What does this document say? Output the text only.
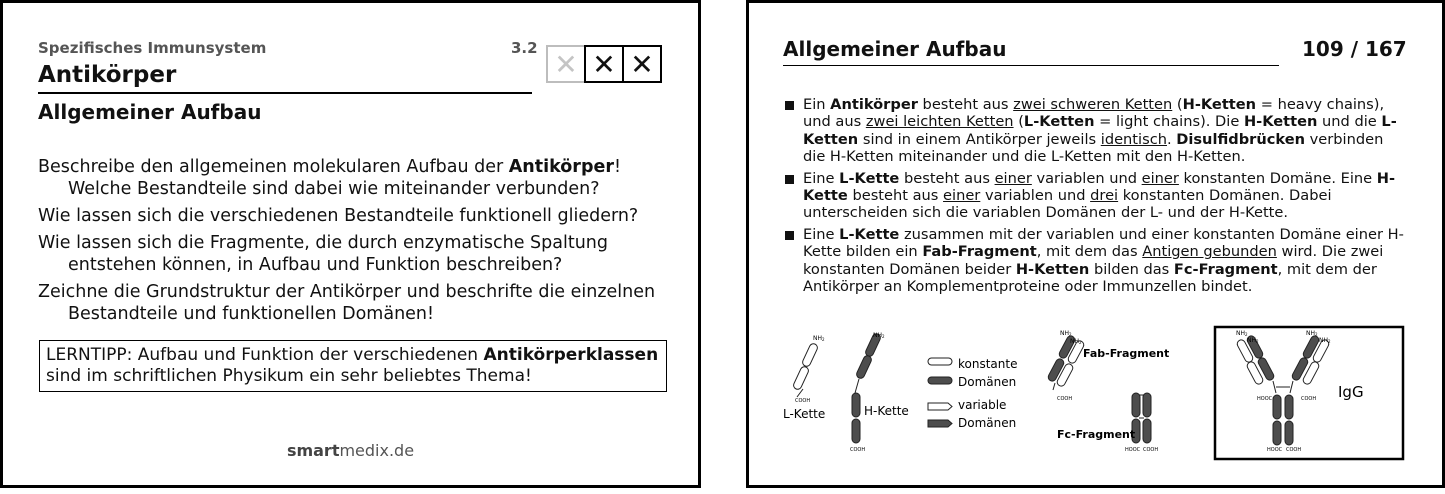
Spezifisches Immunsystem	3.2
Antikörper	✕ ✕ ✕
Allgemeiner Aufbau

Beschreibe den allgemeinen molekularen Aufbau der Antikörper! Welche Bestandteile sind dabei wie miteinander verbunden?

Wie lassen sich die verschiedenen Bestandteile funktionell gliedern?

Wie lassen sich die Fragmente, die durch enzymatische Spaltung entstehen können, in Aufbau und Funktion beschreiben?

Zeichne die Grundstruktur der Antikörper und beschrifte die einzelnen Bestandteile und funktionellen Domänen!

LERNTIPP: Aufbau und Funktion der verschiedenen Antikörperklassen sind im schriftlichen Physikum ein sehr beliebtes Thema!
smartmedix.de
Allgemeiner Aufbau	109 / 167
Ein Antikörper besteht aus zwei schweren Ketten (H-Ketten = heavy chains), und aus zwei leichten Ketten (L-Ketten = light chains). Die H-Ketten und die L-Ketten sind in einem Antikörper jeweils identisch. Disulfidbrücken verbinden die H-Ketten miteinander und die L-Ketten mit den H-Ketten.
Eine L-Kette besteht aus einer variablen und einer konstanten Domäne. Eine H-Kette besteht aus einer variablen und drei konstanten Domänen. Dabei unterscheiden sich die variablen Domänen der L- und der H-Kette.
Eine L-Kette zusammen mit der variablen und einer konstanten Domäne einer H-Kette bilden ein Fab-Fragment, mit dem das Antigen gebunden wird. Die zwei konstanten Domänen beider H-Ketten bilden das Fc-Fragment, mit dem der Antikörper an Komplementproteine oder Immunzellen bindet.
NH2
COOH
L-Kette
NH2
COOH
H-Kette
konstante
Domänen
variable
Domänen
NH2
NH2
COOH
Fab-Fragment
HOOC COOH
Fc-Fragment
NH2
NH2
NH2
NH2
HOOC	COOH
HOOC COOH
IgG
